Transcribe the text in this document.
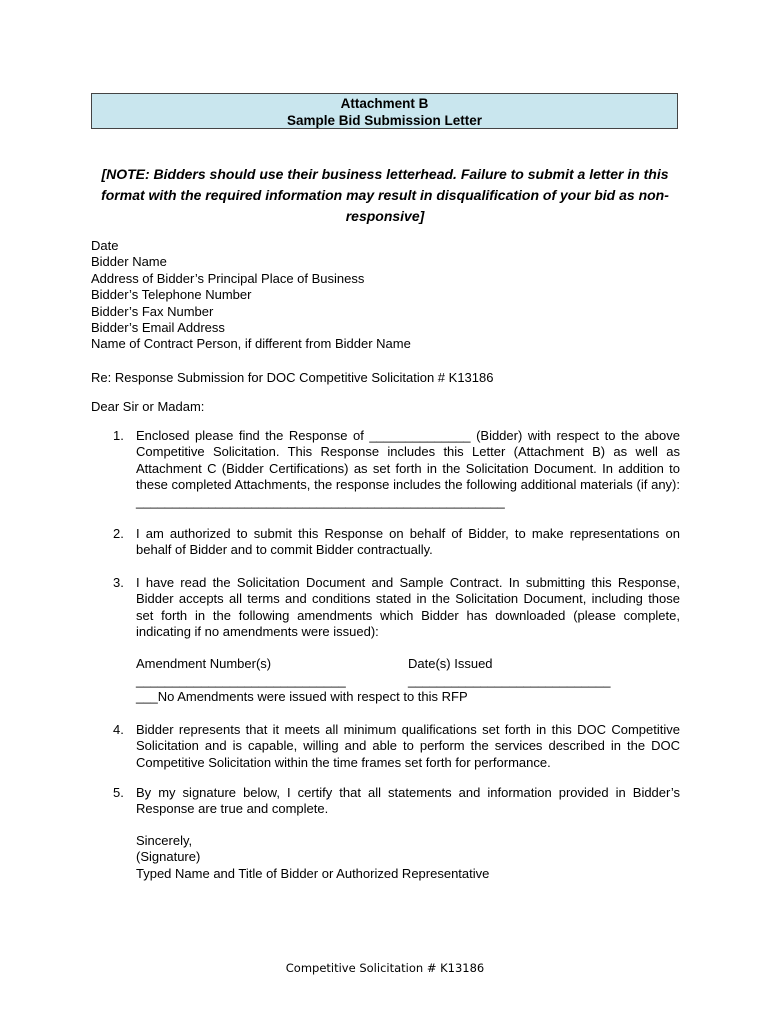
Attachment B
Sample Bid Submission Letter
[NOTE: Bidders should use their business letterhead. Failure to submit a letter in this format with the required information may result in disqualification of your bid as non-responsive]
Date
Bidder Name
Address of Bidder’s Principal Place of Business
Bidder’s Telephone Number
Bidder’s Fax Number
Bidder’s Email Address
Name of Contract Person, if different from Bidder Name
Re: Response Submission for DOC Competitive Solicitation # K13186
Dear Sir or Madam:
1. Enclosed please find the Response of ______________ (Bidder) with respect to the above Competitive Solicitation. This Response includes this Letter (Attachment B) as well as Attachment C (Bidder Certifications) as set forth in the Solicitation Document. In addition to these completed Attachments, the response includes the following additional materials (if any): ___________________________________________________
2. I am authorized to submit this Response on behalf of Bidder, to make representations on behalf of Bidder and to commit Bidder contractually.
3. I have read the Solicitation Document and Sample Contract. In submitting this Response, Bidder accepts all terms and conditions stated in the Solicitation Document, including those set forth in the following amendments which Bidder has downloaded (please complete, indicating if no amendments were issued):
Amendment Number(s)	Date(s) Issued
_____________________________	____________________________
___No Amendments were issued with respect to this RFP
4. Bidder represents that it meets all minimum qualifications set forth in this DOC Competitive Solicitation and is capable, willing and able to perform the services described in the DOC Competitive Solicitation within the time frames set forth for performance.
5. By my signature below, I certify that all statements and information provided in Bidder’s Response are true and complete.
Sincerely,
(Signature)
Typed Name and Title of Bidder or Authorized Representative
Competitive Solicitation # K13186
